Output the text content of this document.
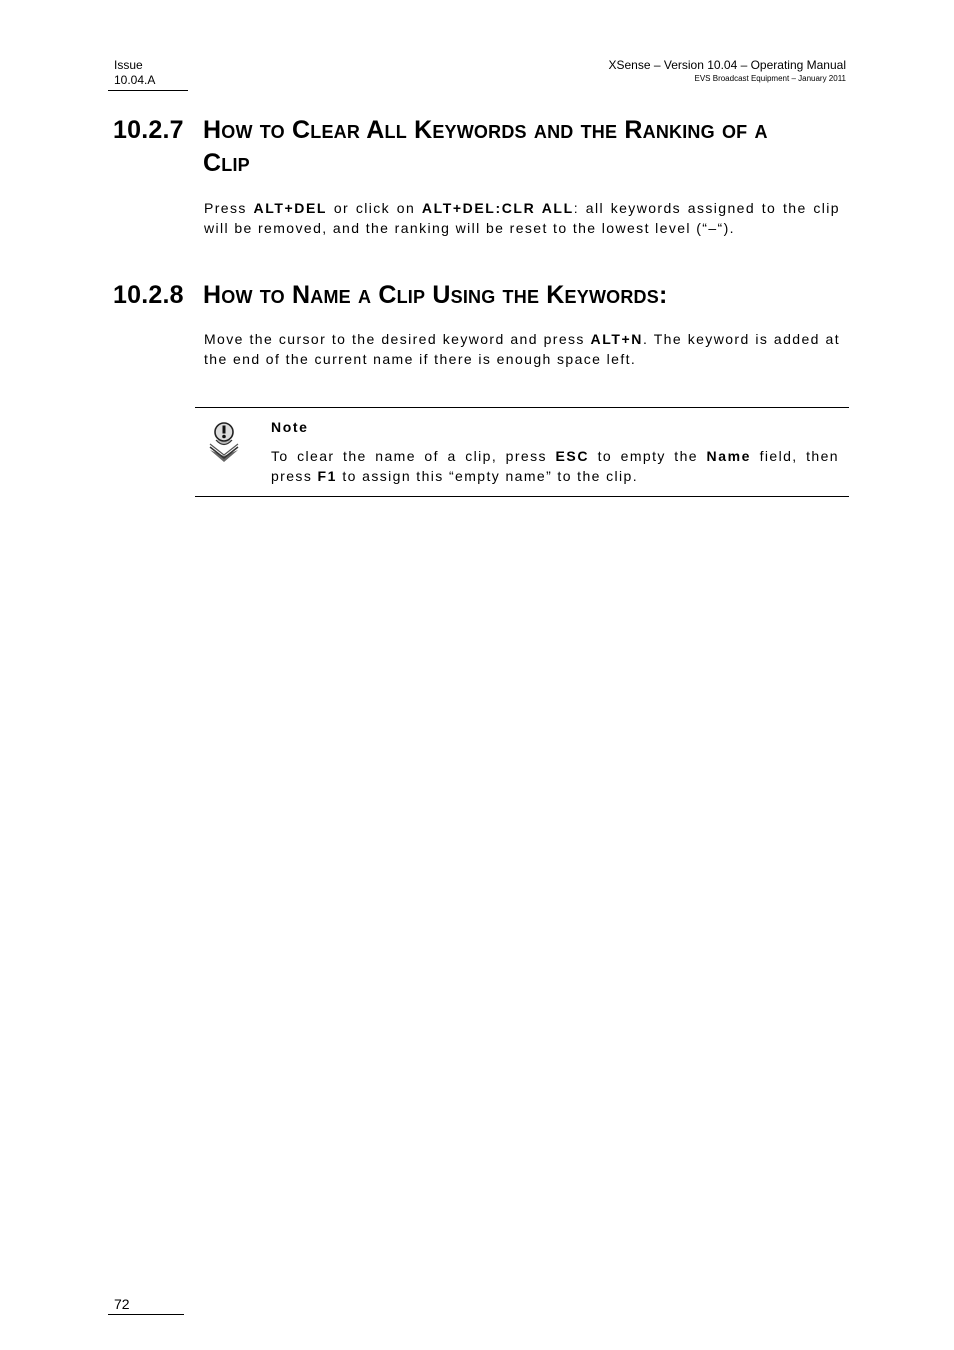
Issue
10.04.A
XSense – Version 10.04 – Operating Manual
EVS Broadcast Equipment – January 2011
10.2.7 How to Clear All Keywords and the Ranking of a
Clip

Press ALT+DEL or click on ALT+DEL:CLR ALL: all keywords assigned to the clip will be removed, and the ranking will be reset to the lowest level (“–“).

10.2.8 How to Name a Clip Using the Keywords:

Move the cursor to the desired keyword and press ALT+N. The keyword is added at the end of the current name if there is enough space left.

Note

To clear the name of a clip, press ESC to empty the Name field, then press F1 to assign this “empty name” to the clip.

72
